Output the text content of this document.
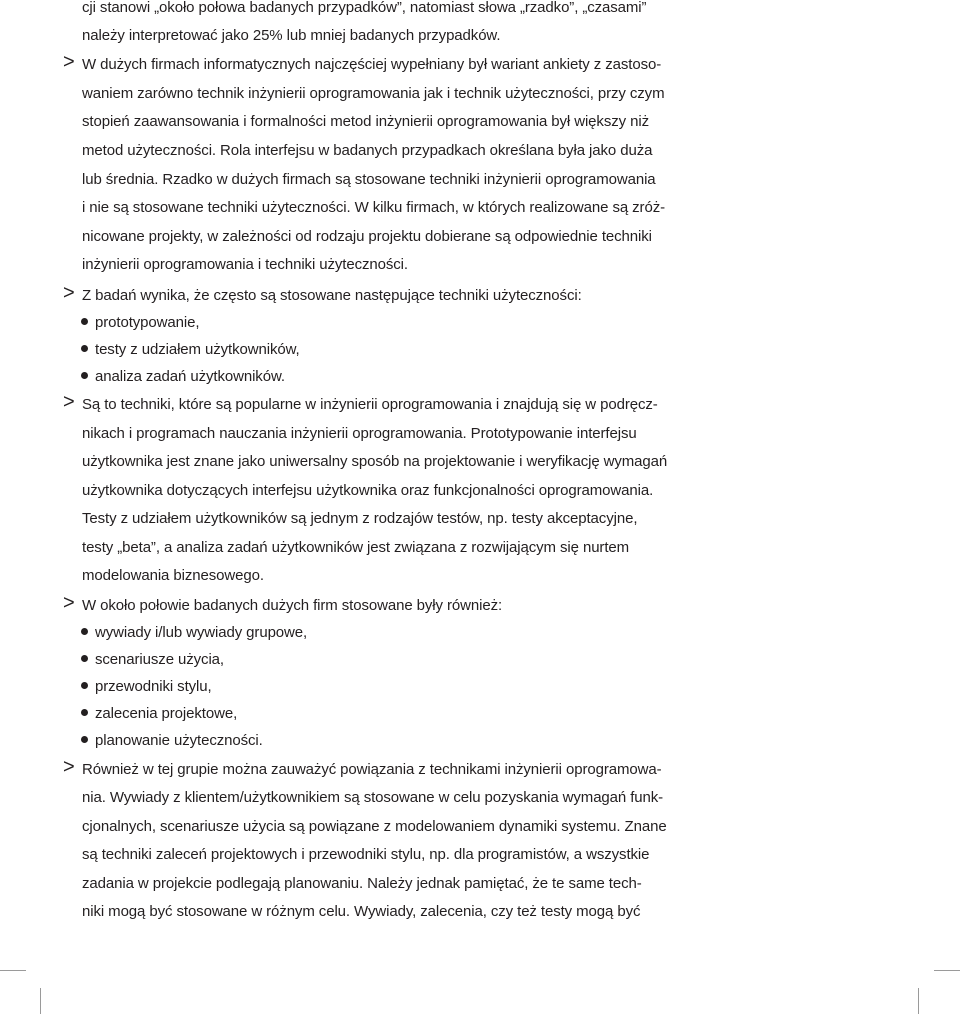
cji stanowi „około połowa badanych przypadków”, natomiast słowa „rzadko”, „czasami”
należy interpretować jako 25% lub mniej badanych przypadków.
> W dużych firmach informatycznych najczęściej wypełniany był wariant ankiety z zastoso-
waniem zarówno technik inżynierii oprogramowania jak i technik użyteczności, przy czym
stopień zaawansowania i formalności metod inżynierii oprogramowania był większy niż
metod użyteczności. Rola interfejsu w badanych przypadkach określana była jako duża
lub średnia. Rzadko w dużych firmach są stosowane techniki inżynierii oprogramowania
i nie są stosowane techniki użyteczności. W kilku firmach, w których realizowane są zróż-
nicowane projekty, w zależności od rodzaju projektu dobierane są odpowiednie techniki
inżynierii oprogramowania i techniki użyteczności.
> Z badań wynika, że często są stosowane następujące techniki użyteczności:
prototypowanie,
testy z udziałem użytkowników,
analiza zadań użytkowników.
> Są to techniki, które są popularne w inżynierii oprogramowania i znajdują się w podręcz-
nikach i programach nauczania inżynierii oprogramowania. Prototypowanie interfejsu
użytkownika jest znane jako uniwersalny sposób na projektowanie i weryfikację wymagań
użytkownika dotyczących interfejsu użytkownika oraz funkcjonalności oprogramowania.
Testy z udziałem użytkowników są jednym z rodzajów testów, np. testy akceptacyjne,
testy „beta”, a analiza zadań użytkowników jest związana z rozwijającym się nurtem
modelowania biznesowego.
> W około połowie badanych dużych firm stosowane były również:
wywiady i/lub wywiady grupowe,
scenariusze użycia,
przewodniki stylu,
zalecenia projektowe,
planowanie użyteczności.
> Również w tej grupie można zauważyć powiązania z technikami inżynierii oprogramowa-
nia. Wywiady z klientem/użytkownikiem są stosowane w celu pozyskania wymagań funk-
cjonalnych, scenariusze użycia są powiązane z modelowaniem dynamiki systemu. Znane
są techniki zaleceń projektowych i przewodniki stylu, np. dla programistów, a wszystkie
zadania w projekcie podlegają planowaniu. Należy jednak pamiętać, że te same tech-
niki mogą być stosowane w różnym celu. Wywiady, zalecenia, czy też testy mogą być
